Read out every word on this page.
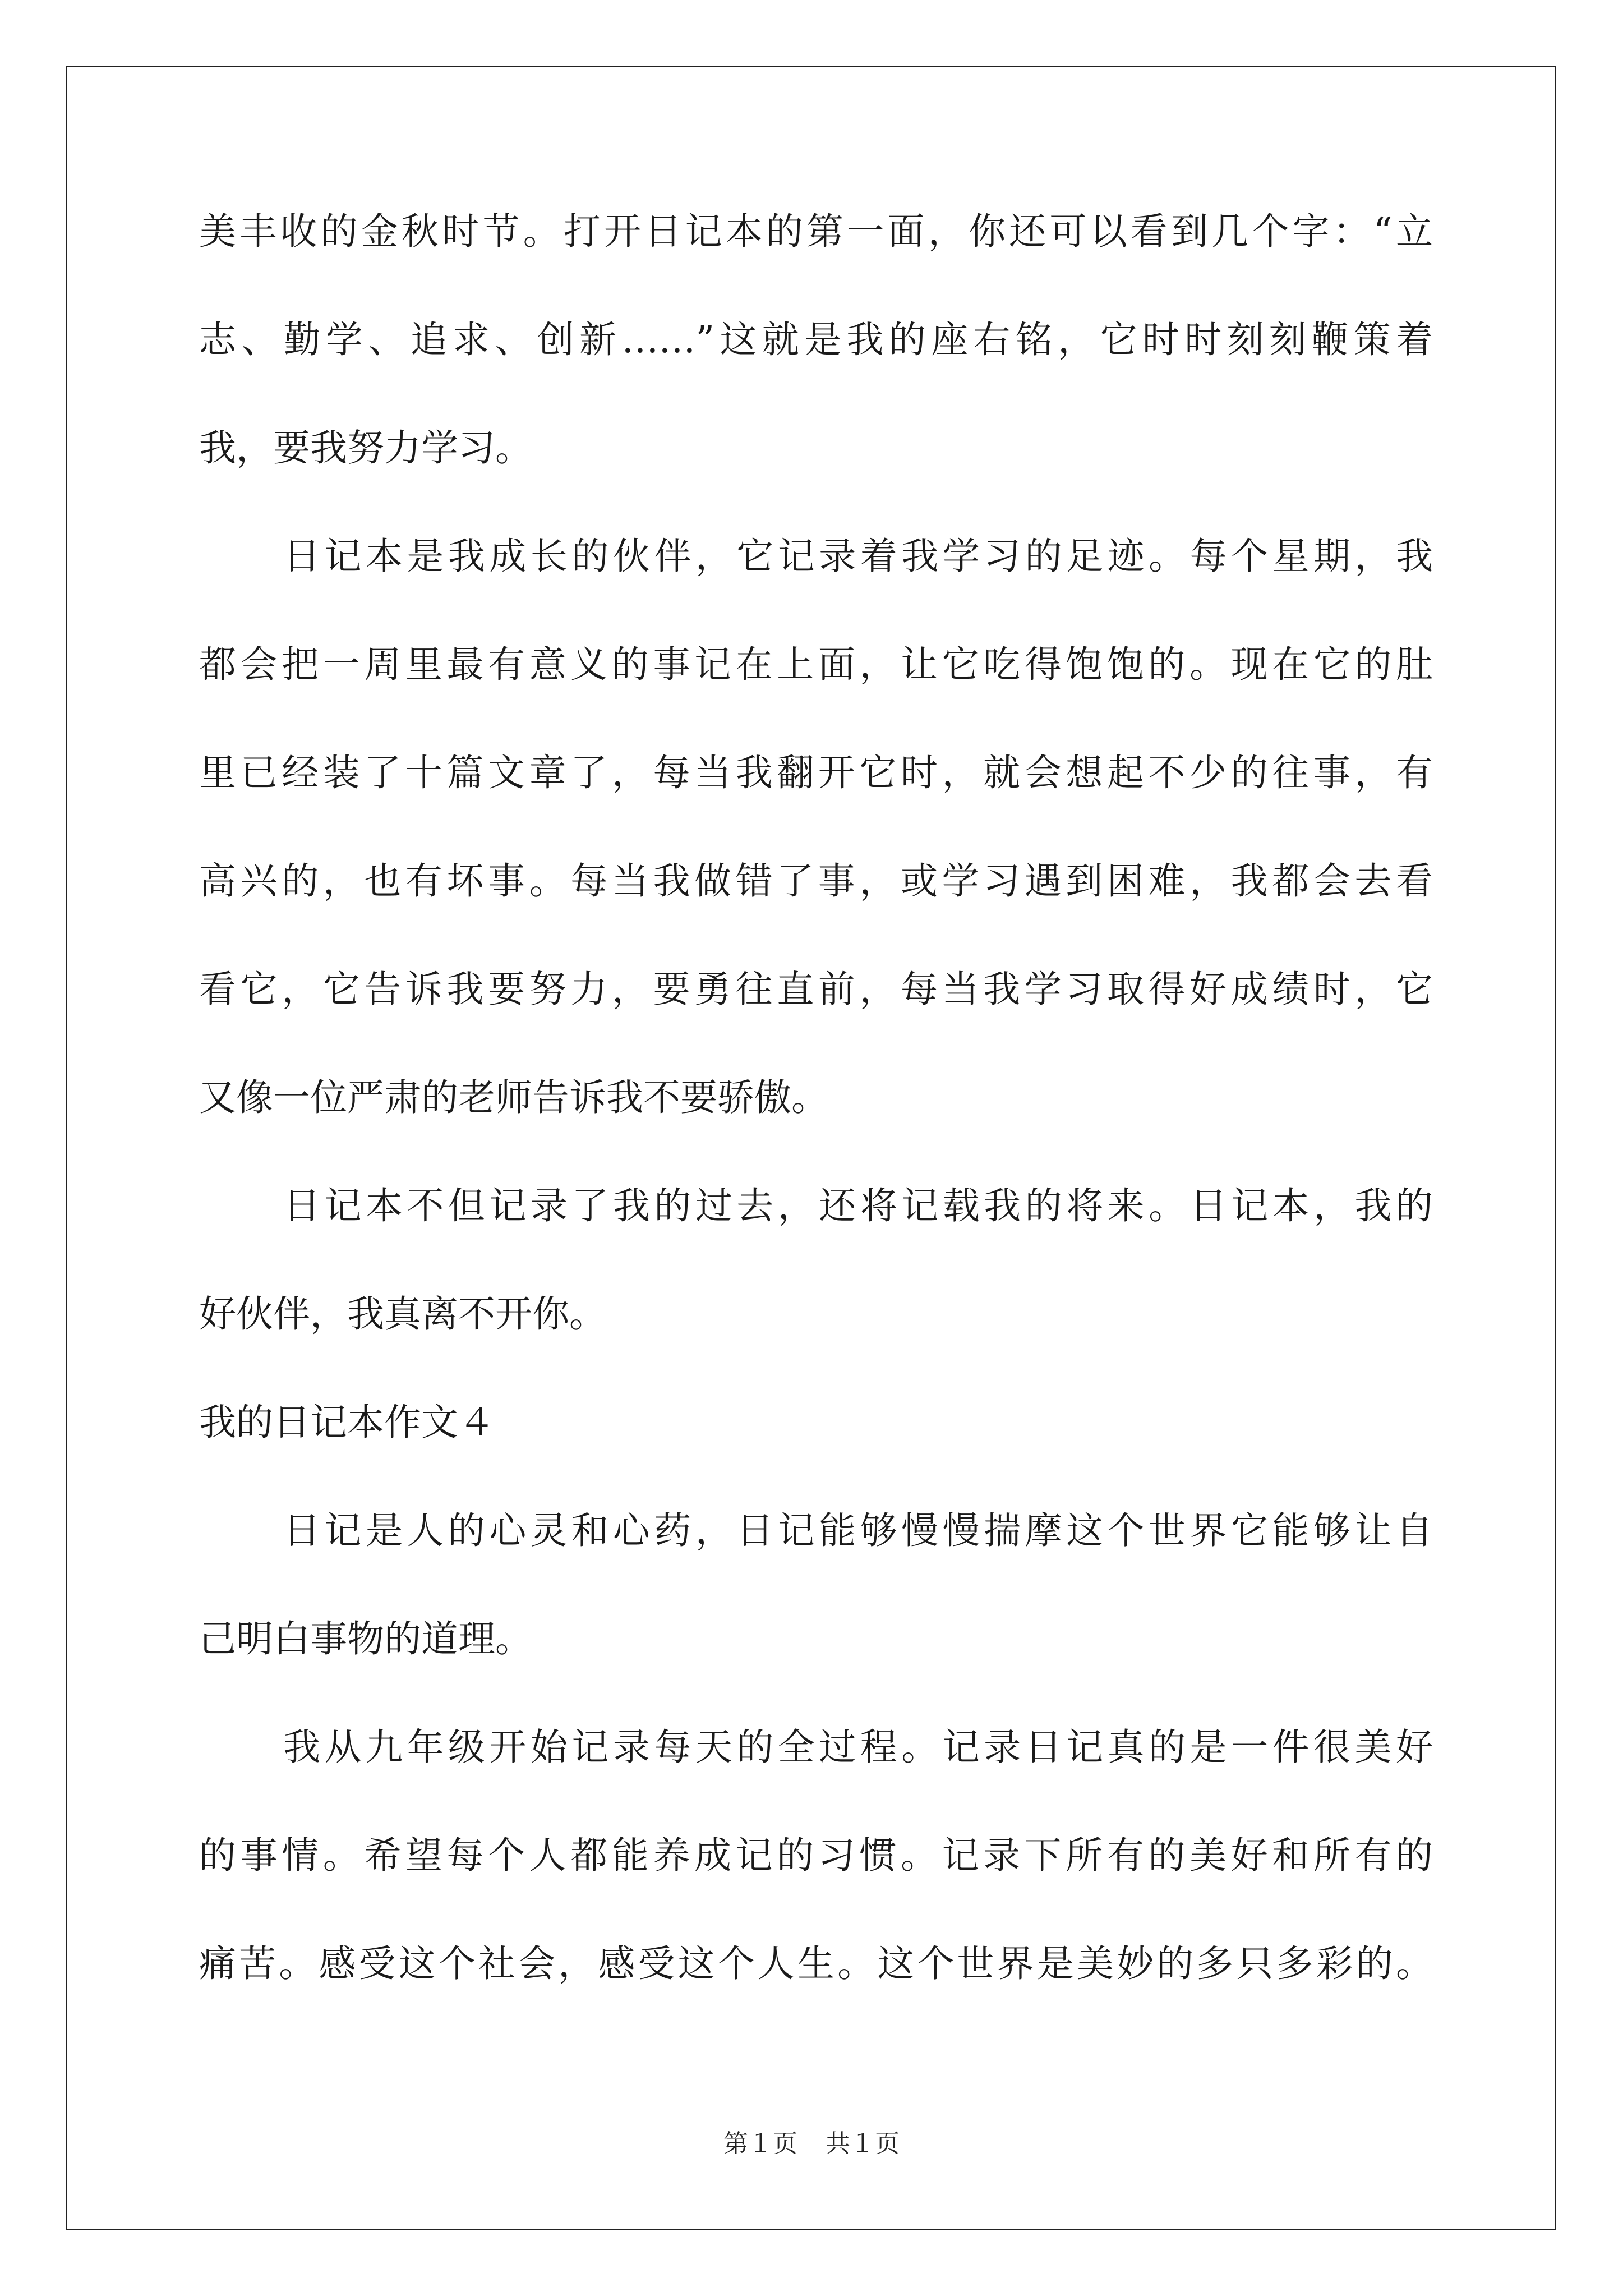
美丰收的金秋时节。打开日记本的第一面，你还可以看到几个字：“立
志、勤学、追求、创新……”这就是我的座右铭，它时时刻刻鞭策着
我，要我努力学习。
日记本是我成长的伙伴，它记录着我学习的足迹。每个星期，我
都会把一周里最有意义的事记在上面，让它吃得饱饱的。现在它的肚
里已经装了十篇文章了，每当我翻开它时，就会想起不少的往事，有
高兴的，也有坏事。每当我做错了事，或学习遇到困难，我都会去看
看它，它告诉我要努力，要勇往直前，每当我学习取得好成绩时，它
又像一位严肃的老师告诉我不要骄傲。
日记本不但记录了我的过去，还将记载我的将来。日记本，我的
好伙伴，我真离不开你。
我的日记本作文４
日记是人的心灵和心药，日记能够慢慢揣摩这个世界它能够让自
己明白事物的道理。
我从九年级开始记录每天的全过程。记录日记真的是一件很美好
的事情。希望每个人都能养成记的习惯。记录下所有的美好和所有的
痛苦。感受这个社会，感受这个人生。这个世界是美妙的多只多彩的。
第１页 共１页
